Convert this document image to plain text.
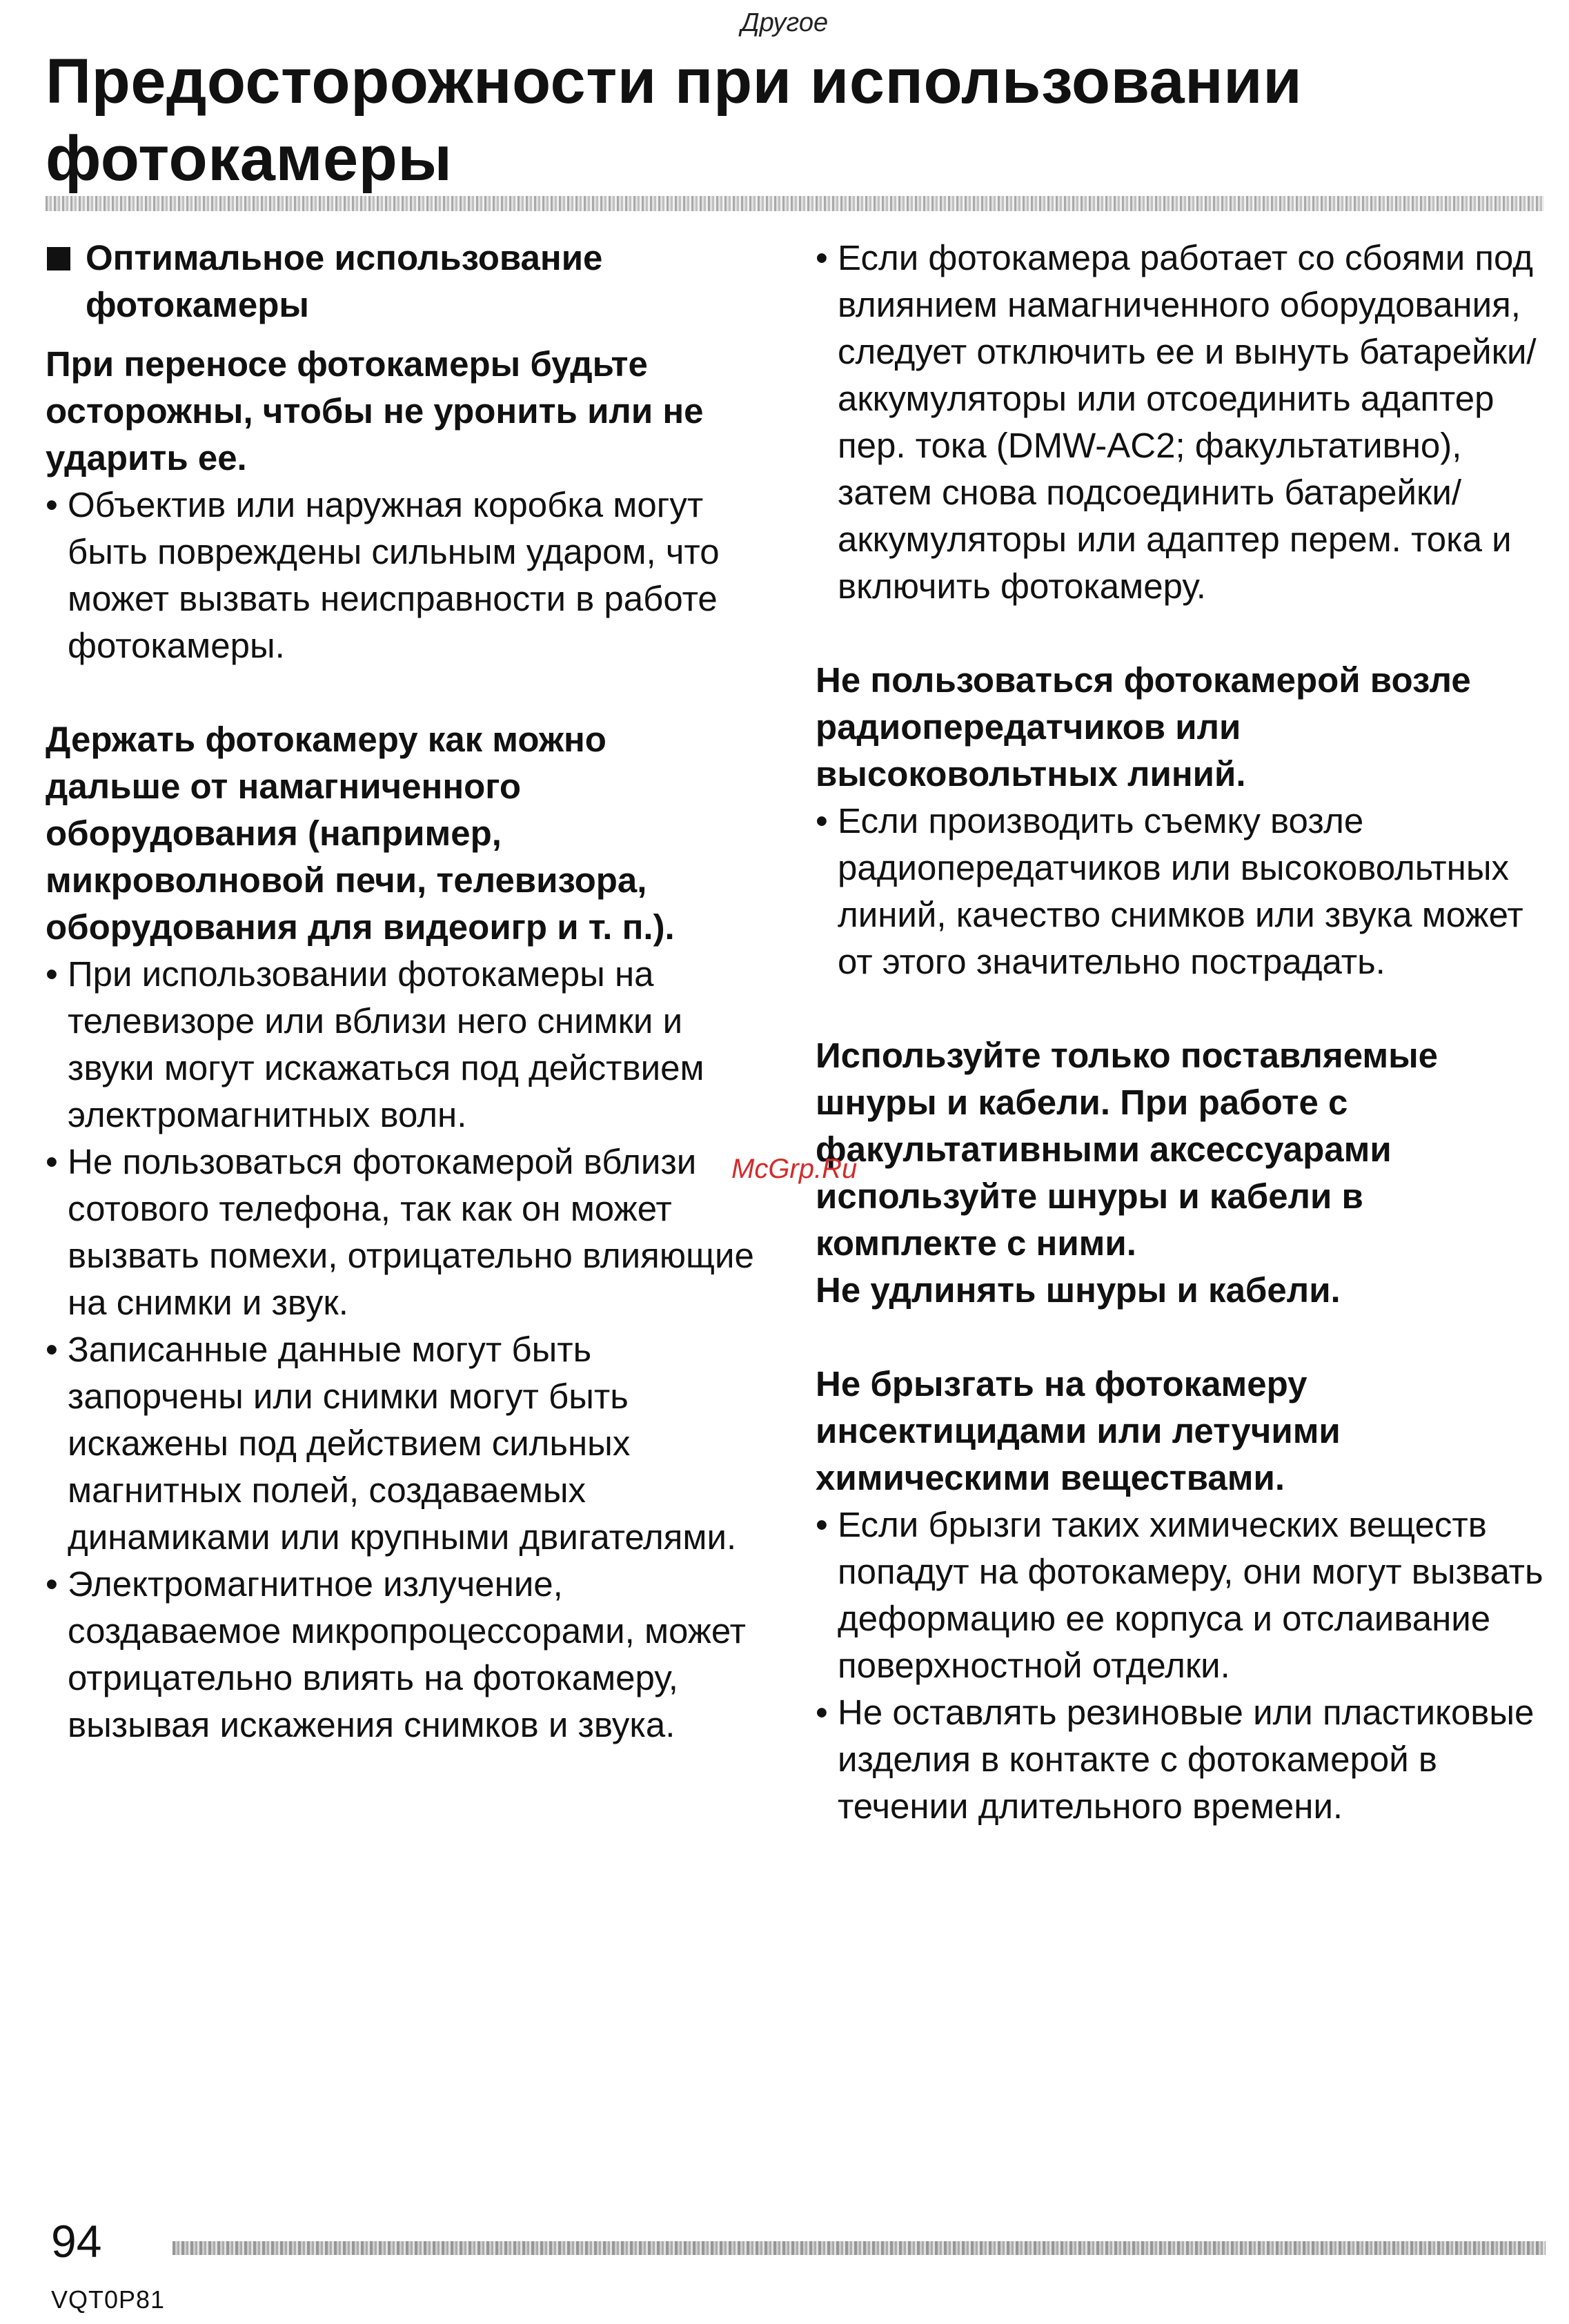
Другое
Предосторожности при использовании
фотокамеры

Оптимальное использование
фотокамеры

При переносе фотокамеры будьте
осторожны, чтобы не уронить или не
ударить ее.

• Объектив или наружная коробка могут быть повреждены сильным ударом, что может вызвать неисправности в работе фотокамеры.

Держать фотокамеру как можно
дальше от намагниченного
оборудования (например,
микроволновой печи, телевизора,
оборудования для видеоигр и т. п.).

• При использовании фотокамеры на телевизоре или вблизи него снимки и звуки могут искажаться под действием электромагнитных волн.
• Не пользоваться фотокамерой вблизи сотового телефона, так как он может вызвать помехи, отрицательно влияющие на снимки и звук.
• Записанные данные могут быть запорчены или снимки могут быть искажены под действием сильных магнитных полей, создаваемых динамиками или крупными двигателями.
• Электромагнитное излучение, создаваемое микропроцессорами, может отрицательно влиять на фотокамеру, вызывая искажения снимков и звука.
• Если фотокамера работает со сбоями под влиянием намагниченного оборудования, следует отключить ее и вынуть батарейки/аккумуляторы или отсоединить адаптер пер. тока (DMW-AC2; факультативно), затем снова подсоединить батарейки/ аккумуляторы или адаптер перем. тока и включить фотокамеру.

Не пользоваться фотокамерой возле
радиопередатчиков или
высоковольтных линий.

• Если производить съемку возле радиопередатчиков или высоковольтных линий, качество снимков или звука может от этого значительно пострадать.

Используйте только поставляемые
шнуры и кабели. При работе с
факультативными аксессуарами
используйте шнуры и кабели в
комплекте с ними.
Не удлинять шнуры и кабели.

Не брызгать на фотокамеру
инсектицидами или летучими
химическими веществами.

• Если брызги таких химических веществ попадут на фотокамеру, они могут вызвать деформацию ее корпуса и отслаивание поверхностной отделки.
• Не оставлять резиновые или пластиковые изделия в контакте с фотокамерой в течении длительного времени.
McGrp.Ru
94
VQT0P81
